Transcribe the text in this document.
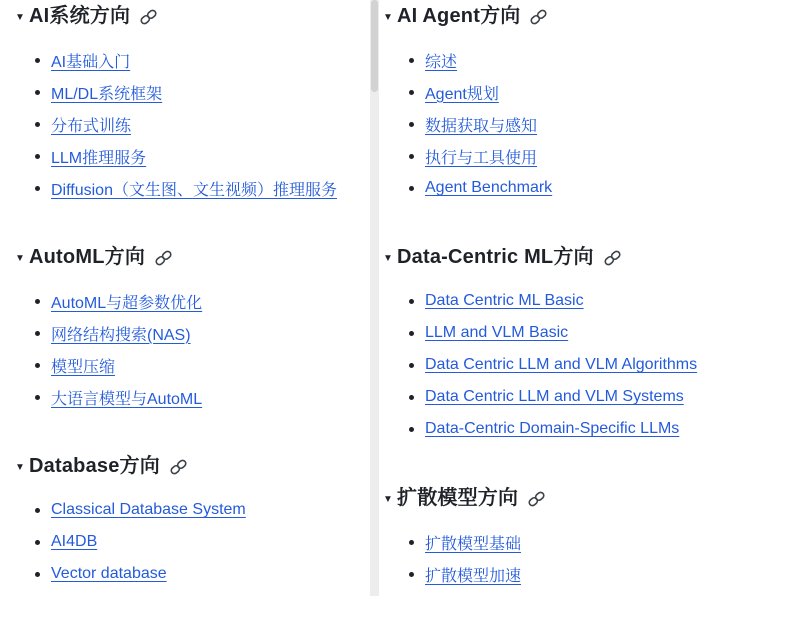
▼ AI系统方向
AI基础入门
ML/DL系统框架
分布式训练
LLM推理服务
Diffusion（文生图、文生视频）推理服务
▼ AutoML方向
AutoML与超参数优化
网络结构搜索(NAS)
模型压缩
大语言模型与AutoML
▼ Database方向
Classical Database System
AI4DB
Vector database
▼ AI Agent方向
综述
Agent规划
数据获取与感知
执行与工具使用
Agent Benchmark
▼ Data-Centric ML方向
Data Centric ML Basic
LLM and VLM Basic
Data Centric LLM and VLM Algorithms
Data Centric LLM and VLM Systems
Data-Centric Domain-Specific LLMs
▼ 扩散模型方向
扩散模型基础
扩散模型加速
